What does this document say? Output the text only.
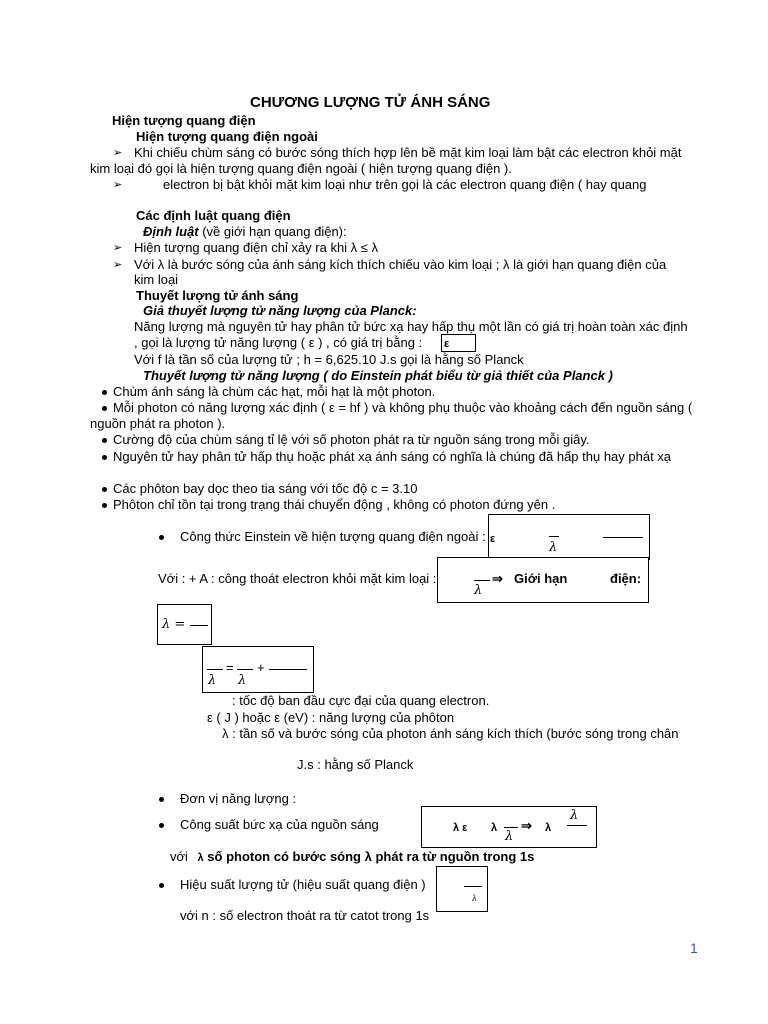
CHƯƠNG LƯỢNG TỬ ÁNH SÁNG
Hiện tượng quang điện
Hiện tượng quang điện ngoài
➢ Khi chiếu chùm sáng có bước sóng thích hợp lên bề mặt kim loại làm bật các electron khỏi mặt
kim loại đó gọi là hiện tượng quang điện ngoài ( hiện tượng quang điện ).
➢	electron bị bật khỏi mặt kim loại như trên gọi là các electron quang điện ( hay quang
Các định luật quang điện
Định luật (về giới hạn quang điện):
➢ Hiện tượng quang điện chỉ xảy ra khi λ ≤ λ
➢ Với λ là bước sóng của ánh sáng kích thích chiếu vào kim loại ; λ là giới hạn quang điện của
kim loại
Thuyết lượng tử ánh sáng
Giả thuyết lượng tử năng lượng của Planck:
Năng lượng mà nguyên tử hay phân tử bức xạ hay hấp thụ một lần có giá trị hoàn toàn xác định
, gọi là lượng tử năng lượng ( ε ) , có giá trị bằng : ε
Với f là tần số của lượng tử ; h = 6,625.10 J.s gọi là hằng số Planck
Thuyết lượng tử năng lượng ( do Einstein phát biểu từ giả thiết của Planck )
Chùm ánh sáng là chùm các hạt, mỗi hạt là một photon.
Mỗi photon có năng lượng xác định ( ε = hf ) và không phụ thuộc vào khoảng cách đến nguồn sáng (
nguồn phát ra photon ).
Cường độ của chùm sáng tỉ lệ với số photon phát ra từ nguồn sáng trong mỗi giây.
Nguyên tử hay phân tử hấp thụ hoặc phát xạ ánh sáng có nghĩa là chúng đã hấp thụ hay phát xạ
Các phôton bay dọc theo tia sáng với tốc độ c = 3.10
Phôton chỉ tồn tại trong trạng thái chuyển động , không có photon đứng yên .
Công thức Einstein về hiện tượng quang điện ngoài : ε
λ
Với : + A : công thoát electron khỏi mặt kim loại :
λ
⇒ Giới hạn	điện:
λ =
λ
=
λ
+
: tốc độ ban đầu cực đại của quang electron.
ε ( J ) hoặc ε (eV) : năng lượng của phôton
λ : tần số và bước sóng của photon ánh sáng kích thích (bước sóng trong chân
J.s : hằng số Planck
Đơn vị năng lượng :
Công suất bức xạ của nguồn sáng	λ ε λ
λ
⇒ λ
λ
với λ số photon có bước sóng λ phát ra từ nguồn trong 1s
Hiệu suất lượng tử (hiệu suất quang điện )
λ
với n : số electron thoát ra từ catot trong 1s
1
